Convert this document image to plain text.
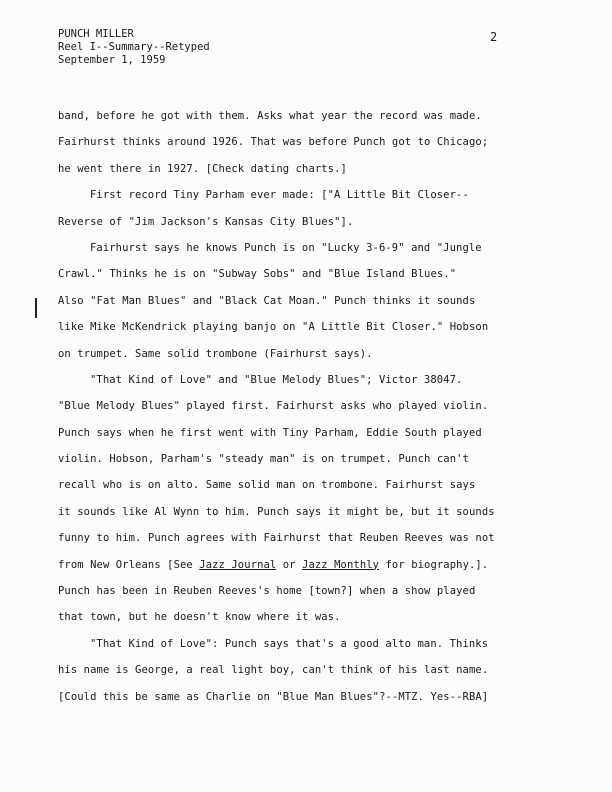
PUNCH MILLER
Reel I--Summary--Retyped
September 1, 1959
2
band, before he got with them. Asks what year the record was made.
Fairhurst thinks around 1926. That was before Punch got to Chicago;
he went there in 1927. [Check dating charts.]
First record Tiny Parham ever made: ["A Little Bit Closer--
Reverse of "Jim Jackson's Kansas City Blues"].
Fairhurst says he knows Punch is on "Lucky 3-6-9" and "Jungle
Crawl." Thinks he is on "Subway Sobs" and "Blue Island Blues."
Also "Fat Man Blues" and "Black Cat Moan." Punch thinks it sounds
like Mike McKendrick playing banjo on "A Little Bit Closer." Hobson
on trumpet. Same solid trombone (Fairhurst says).
"That Kind of Love" and "Blue Melody Blues"; Victor 38047.
"Blue Melody Blues" played first. Fairhurst asks who played violin.
Punch says when he first went with Tiny Parham, Eddie South played
violin. Hobson, Parham's "steady man" is on trumpet. Punch can't
recall who is on alto. Same solid man on trombone. Fairhurst says
it sounds like Al Wynn to him. Punch says it might be, but it sounds
funny to him. Punch agrees with Fairhurst that Reuben Reeves was not
from New Orleans [See Jazz Journal or Jazz Monthly for biography.].
Punch has been in Reuben Reeves's home [town?] when a show played
that town, but he doesn't know where it was.
"That Kind of Love": Punch says that's a good alto man. Thinks
his name is George, a real light boy, can't think of his last name.
[Could this be same as Charlie on "Blue Man Blues"?--MTZ. Yes--RBA]
